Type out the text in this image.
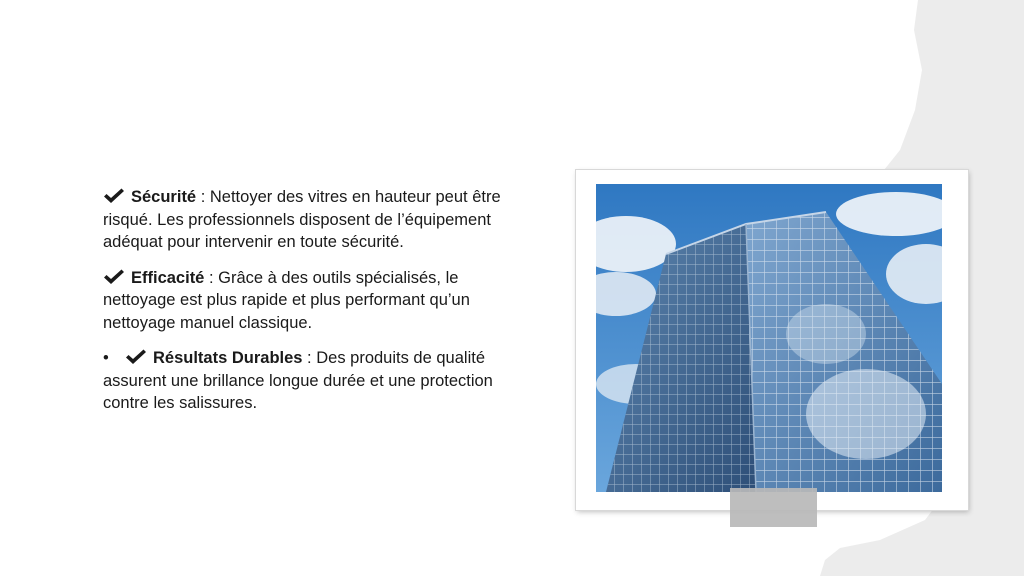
Sécurité : Nettoyer des vitres en hauteur peut être risqué. Les professionnels disposent de l’équipement adéquat pour intervenir en toute sécurité.

Efficacité : Grâce à des outils spécialisés, le nettoyage est plus rapide et plus performant qu’un nettoyage manuel classique.

•	Résultats Durables : Des produits de qualité assurent une brillance longue durée et une protection contre les salissures.
